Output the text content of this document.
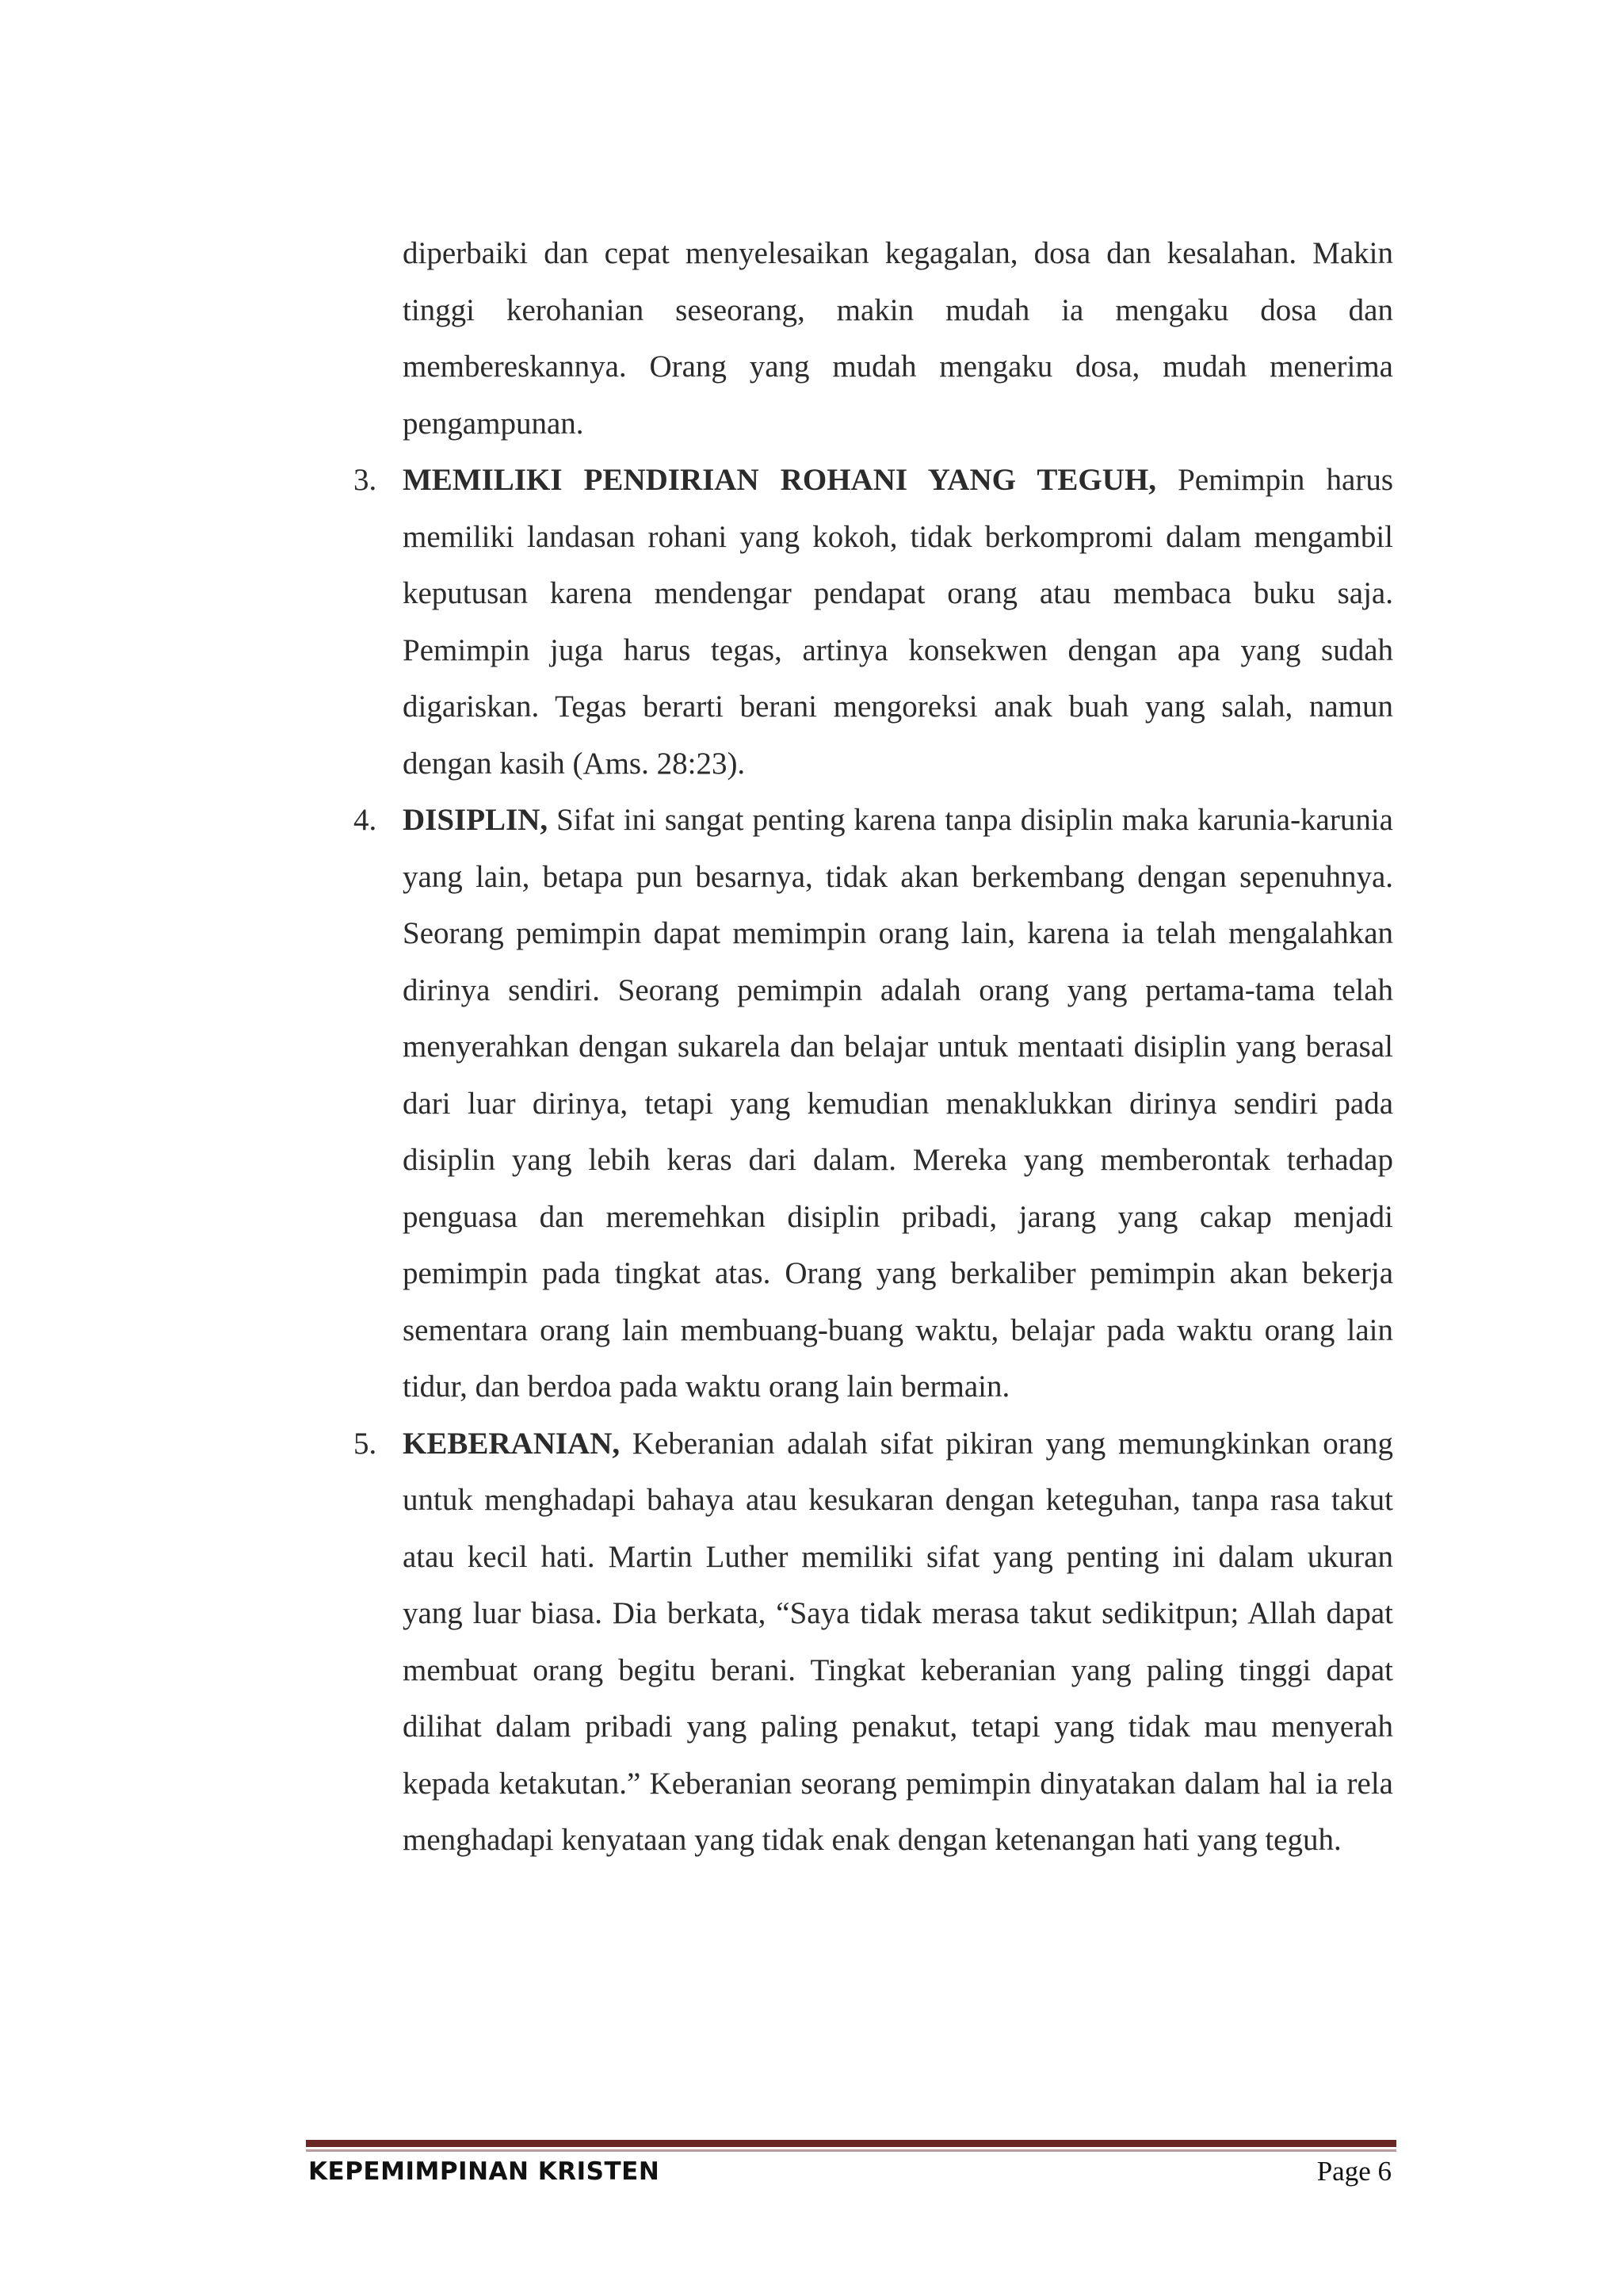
diperbaiki dan cepat menyelesaikan kegagalan, dosa dan kesalahan. Makin tinggi kerohanian seseorang, makin mudah ia mengaku dosa dan membereskannya. Orang yang mudah mengaku dosa, mudah menerima pengampunan.

3. MEMILIKI PENDIRIAN ROHANI YANG TEGUH, Pemimpin harus memiliki landasan rohani yang kokoh, tidak berkompromi dalam mengambil keputusan karena mendengar pendapat orang atau membaca buku saja. Pemimpin juga harus tegas, artinya konsekwen dengan apa yang sudah digariskan. Tegas berarti berani mengoreksi anak buah yang salah, namun dengan kasih (Ams. 28:23).
4. DISIPLIN, Sifat ini sangat penting karena tanpa disiplin maka karunia-karunia yang lain, betapa pun besarnya, tidak akan berkembang dengan sepenuhnya. Seorang pemimpin dapat memimpin orang lain, karena ia telah mengalahkan dirinya sendiri. Seorang pemimpin adalah orang yang pertama-tama telah menyerahkan dengan sukarela dan belajar untuk mentaati disiplin yang berasal dari luar dirinya, tetapi yang kemudian menaklukkan dirinya sendiri pada disiplin yang lebih keras dari dalam. Mereka yang memberontak terhadap penguasa dan meremehkan disiplin pribadi, jarang yang cakap menjadi pemimpin pada tingkat atas. Orang yang berkaliber pemimpin akan bekerja sementara orang lain membuang-buang waktu, belajar pada waktu orang lain tidur, dan berdoa pada waktu orang lain bermain.
5. KEBERANIAN, Keberanian adalah sifat pikiran yang memungkinkan orang untuk menghadapi bahaya atau kesukaran dengan keteguhan, tanpa rasa takut atau kecil hati. Martin Luther memiliki sifat yang penting ini dalam ukuran yang luar biasa. Dia berkata, “Saya tidak merasa takut sedikitpun; Allah dapat membuat orang begitu berani. Tingkat keberanian yang paling tinggi dapat dilihat dalam pribadi yang paling penakut, tetapi yang tidak mau menyerah kepada ketakutan.” Keberanian seorang pemimpin dinyatakan dalam hal ia rela menghadapi kenyataan yang tidak enak dengan ketenangan hati yang teguh.
KEPEMIMPINAN KRISTEN	Page 6
